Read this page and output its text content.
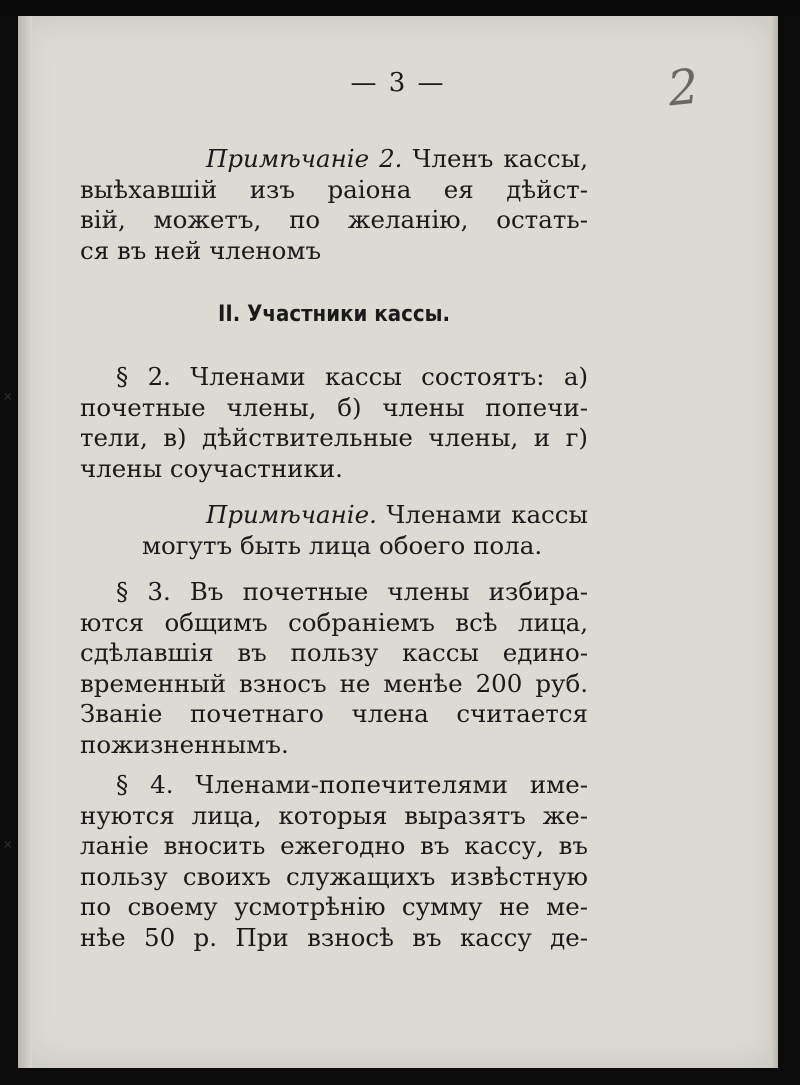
— 3 —	2
Примѣчанiе 2. Членъ кассы,
выѣхавшiй изъ раiона ея дѣйст-
вiй, можетъ, по желанiю, остать-
ся въ ней членомъ
II. Участники кассы.
§ 2. Членами кассы состоятъ: а)
почетные члены, б) члены попечи-
тели, в) дѣйствительные члены, и г)
члены соучастники.
Примѣчанiе. Членами кассы
могутъ быть лица обоего пола.
§ 3. Въ почетные члены избира-
ются общимъ собранiемъ всѣ лица,
сдѣлавшiя въ пользу кассы едино-
временный взносъ не менѣе 200 руб.
Званiе почетнаго члена считается
пожизненнымъ.
§ 4. Членами-попечителями име-
нуются лица, которыя выразятъ же-
ланiе вносить ежегодно въ кассу, въ
пользу своихъ служащихъ извѣстную
по своему усмотрѣнiю сумму не ме-
нѣе 50 р. При взносѣ въ кассу де-
˟
˟
